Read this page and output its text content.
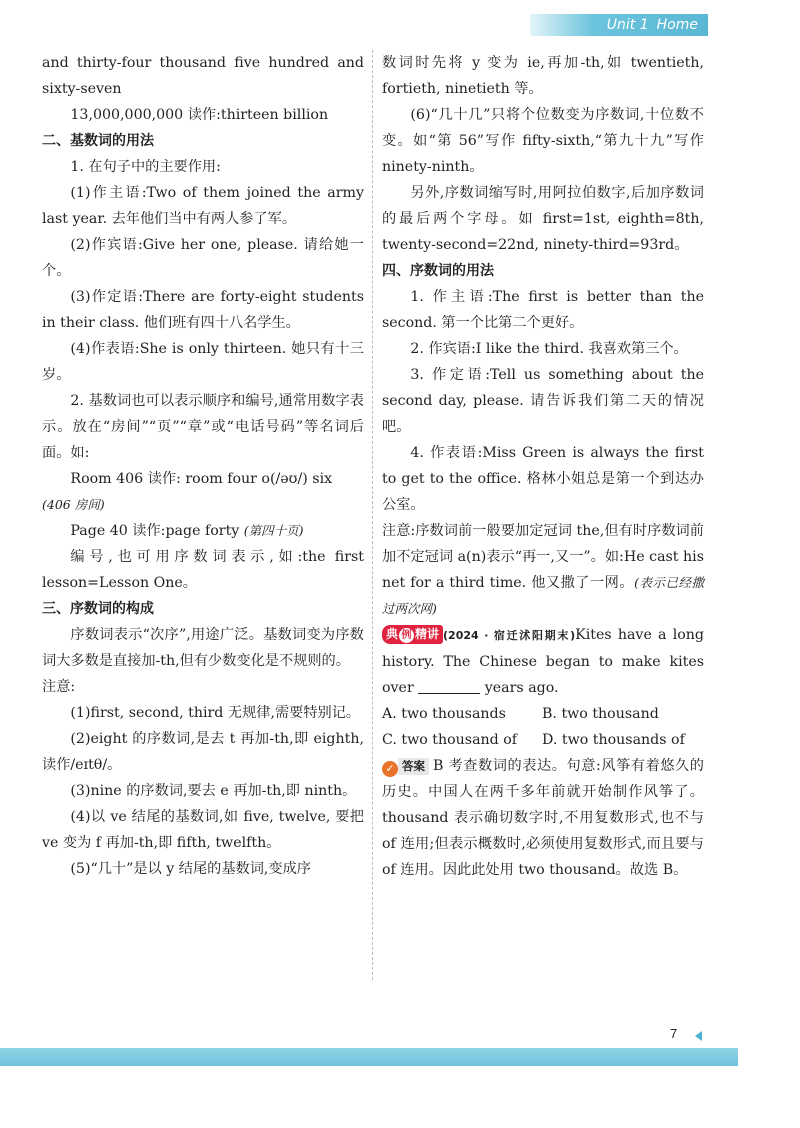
Unit 1 Home

and thirty-four thousand five hundred and sixty-seven

13,000,000,000 读作:thirteen billion

二、基数词的用法

1. 在句子中的主要作用:

(1)作主语:Two of them joined the army last year. 去年他们当中有两人参了军。

(2)作宾语:Give her one, please. 请给她一个。

(3)作定语:There are forty-eight students in their class. 他们班有四十八名学生。

(4)作表语:She is only thirteen. 她只有十三岁。

2. 基数词也可以表示顺序和编号,通常用数字表示。放在“房间”“页”“章”或“电话号码”等名词后面。如:

Room 406 读作: room four o(/əʊ/) six

(406 房间)

Page 40 读作:page forty (第四十页)

编号,也可用序数词表示,如:the first lesson=Lesson One。

三、序数词的构成

序数词表示“次序”,用途广泛。基数词变为序数词大多数是直接加-th,但有少数变化是不规则的。

注意:

(1)first, second, third 无规律,需要特别记。

(2)eight 的序数词,是去 t 再加-th,即 eighth,读作/eɪtθ/。

(3)nine 的序数词,要去 e 再加-th,即 ninth。

(4)以 ve 结尾的基数词,如 five, twelve, 要把 ve 变为 f 再加-th,即 fifth, twelfth。

(5)“几十”是以 y 结尾的基数词,变成序

数词时先将 y 变为 ie,再加-th,如 twentieth, fortieth, ninetieth 等。

(6)“几十几”只将个位数变为序数词,十位数不变。如“第 56”写作 fifty-sixth,“第九十九”写作 ninety-ninth。

另外,序数词缩写时,用阿拉伯数字,后加序数词的最后两个字母。如 first=1st, eighth=8th, twenty-second=22nd, ninety-third=93rd。

四、序数词的用法

1. 作主语:The first is better than the second. 第一个比第二个更好。

2. 作宾语:I like the third. 我喜欢第三个。

3. 作定语:Tell us something about the second day, please. 请告诉我们第二天的情况吧。

4. 作表语:Miss Green is always the first to get to the office. 格林小姐总是第一个到达办公室。

注意:序数词前一般要加定冠词 the,但有时序数词前加不定冠词 a(n)表示“再一,又一”。如:He cast his net for a third time. 他又撒了一网。(表示已经撒过两次网)

典 例 精讲 (2024 · 宿迁沭阳期末)Kites have a long history. The Chinese began to make kites over	years ago.

A. two thousands	B. two thousand
C. two thousand of	D. two thousands of

✓ 答案 B 考查数词的表达。句意:风筝有着悠久的历史。中国人在两千多年前就开始制作风筝了。thousand 表示确切数字时,不用复数形式,也不与 of 连用;但表示概数时,必须使用复数形式,而且要与 of 连用。因此此处用 two thousand。故选 B。

7
